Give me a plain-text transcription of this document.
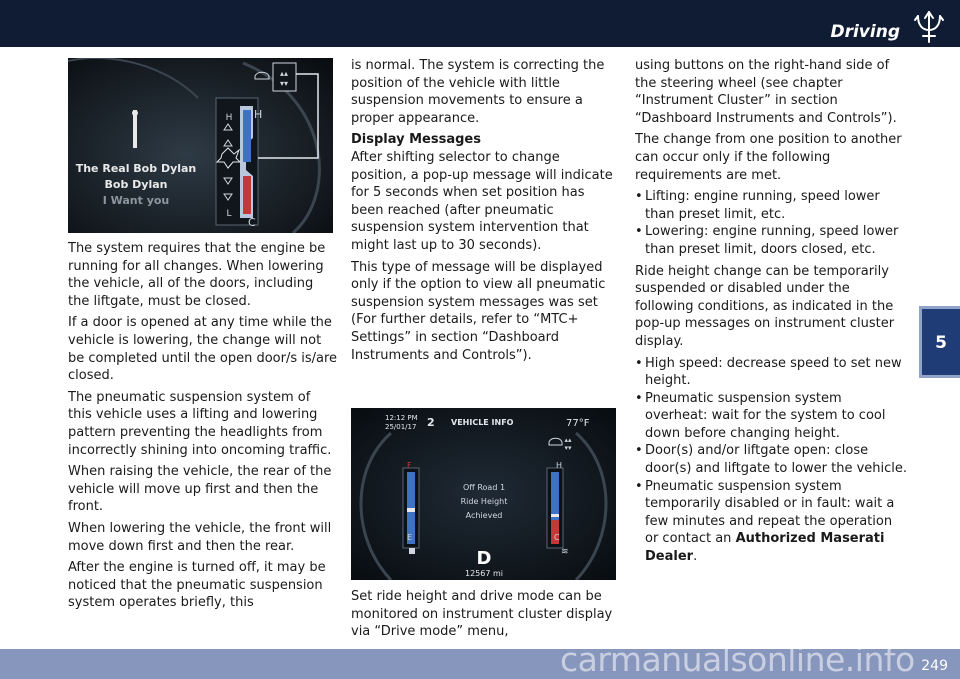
Driving
5
H
L
H
C
▴▴
▾▾
The Real Bob Dylan
Bob Dylan
I Want you

The system requires that the engine be running for all changes. When lowering the vehicle, all of the doors, including the liftgate, must be closed.

If a door is opened at any time while the vehicle is lowering, the change will not be completed until the open door/s is/are closed.

The pneumatic suspension system of this vehicle uses a lifting and lowering pattern preventing the headlights from incorrectly shining into oncoming traffic.

When raising the vehicle, the rear of the vehicle will move up first and then the front.

When lowering the vehicle, the front will move down first and then the rear.

After the engine is turned off, it may be noticed that the pneumatic suspension system operates briefly, this

is normal. The system is correcting the position of the vehicle with little suspension movements to ensure a proper appearance.

Display Messages

After shifting selector to change position, a pop-up message will indicate for 5 seconds when set position has been reached (after pneumatic suspension system intervention that might last up to 30 seconds).

This type of message will be displayed only if the option to view all pneumatic suspension system messages was set (For further details, refer to “MTC+ Settings” in section “Dashboard Instruments and Controls”).

F
E
H
C
≋
12:12 PM
25/01/17 2 VEHICLE INFO	77°F
▴▴
▾▾
Off Road 1
Ride Height
Achieved
D
12567 mi

Set ride height and drive mode can be monitored on instrument cluster display via “Drive mode” menu,

using buttons on the right-hand side of the steering wheel (see chapter “Instrument Cluster” in section “Dashboard Instruments and Controls”).

The change from one position to another can occur only if the following requirements are met.

• Lifting: engine running, speed lower than preset limit, etc.
• Lowering: engine running, speed lower than preset limit, doors closed, etc.

Ride height change can be temporarily suspended or disabled under the following conditions, as indicated in the pop-up messages on instrument cluster display.

• High speed: decrease speed to set new height.
• Pneumatic suspension system overheat: wait for the system to cool down before changing height.
• Door(s) and/or liftgate open: close door(s) and liftgate to lower the vehicle.
• Pneumatic suspension system temporarily disabled or in fault: wait a few minutes and repeat the operation or contact an Authorized Maserati Dealer.
carmanualsonline.info 249
